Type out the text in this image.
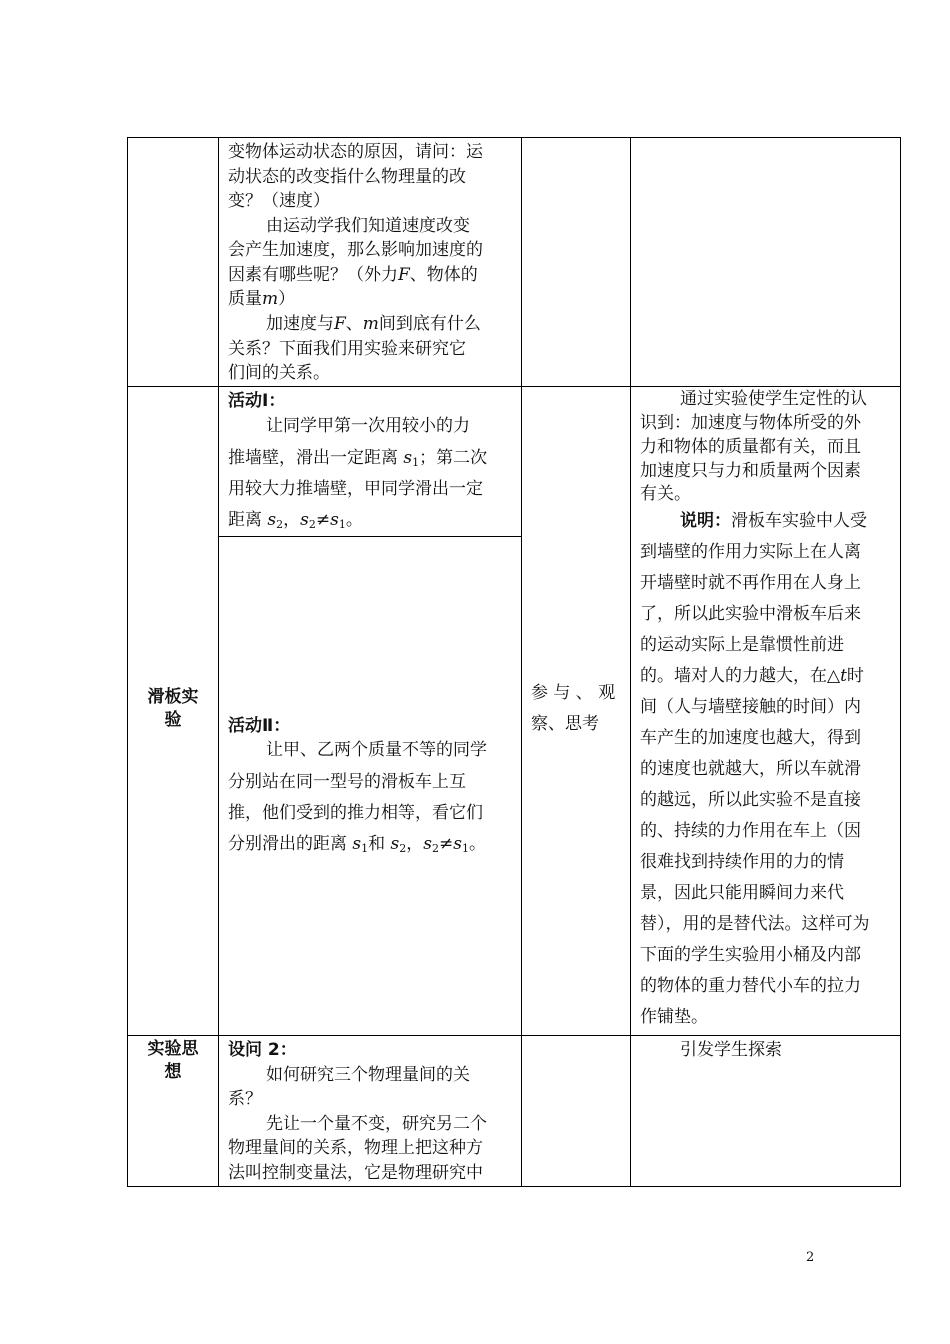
变物体运动状态的原因，请问：运
动状态的改变指什么物理量的改
变？（速度）
由运动学我们知道速度改变
会产生加速度，那么影响加速度的
因素有哪些呢？（外力F、物体的
质量m）
加速度与F、m间到底有什么
关系？下面我们用实验来研究它
们间的关系。
滑板实
验
活动Ⅰ：
让同学甲第一次用较小的力
推墙壁，滑出一定距离 $s_1$；第二次
用较大力推墙壁，甲同学滑出一定
距离 $s_2$，$s_2\ne s_1$。
活动Ⅱ：
让甲、乙两个质量不等的同学
分别站在同一型号的滑板车上互
推，他们受到的推力相等，看它们
分别滑出的距离 $s_1$和 $s_2$，$s_2\ne s_1$。
参 与 、 观
察、思考
通过实验使学生定性的认
识到：加速度与物体所受的外
力和物体的质量都有关，而且
加速度只与力和质量两个因素
有关。
说明：滑板车实验中人受
到墙壁的作用力实际上在人离
开墙壁时就不再作用在人身上
了，所以此实验中滑板车后来
的运动实际上是靠惯性前进
的。墙对人的力越大，在△t时
间（人与墙壁接触的时间）内
车产生的加速度也越大，得到
的速度也就越大，所以车就滑
的越远，所以此实验不是直接
的、持续的力作用在车上（因
很难找到持续作用的力的情
景，因此只能用瞬间力来代
替），用的是替代法。这样可为
下面的学生实验用小桶及内部
的物体的重力替代小车的拉力
作铺垫。
实验思
想
设问 2：
如何研究三个物理量间的关
系？
先让一个量不变，研究另二个
物理量间的关系，物理上把这种方
法叫控制变量法，它是物理研究中
引发学生探索
2
